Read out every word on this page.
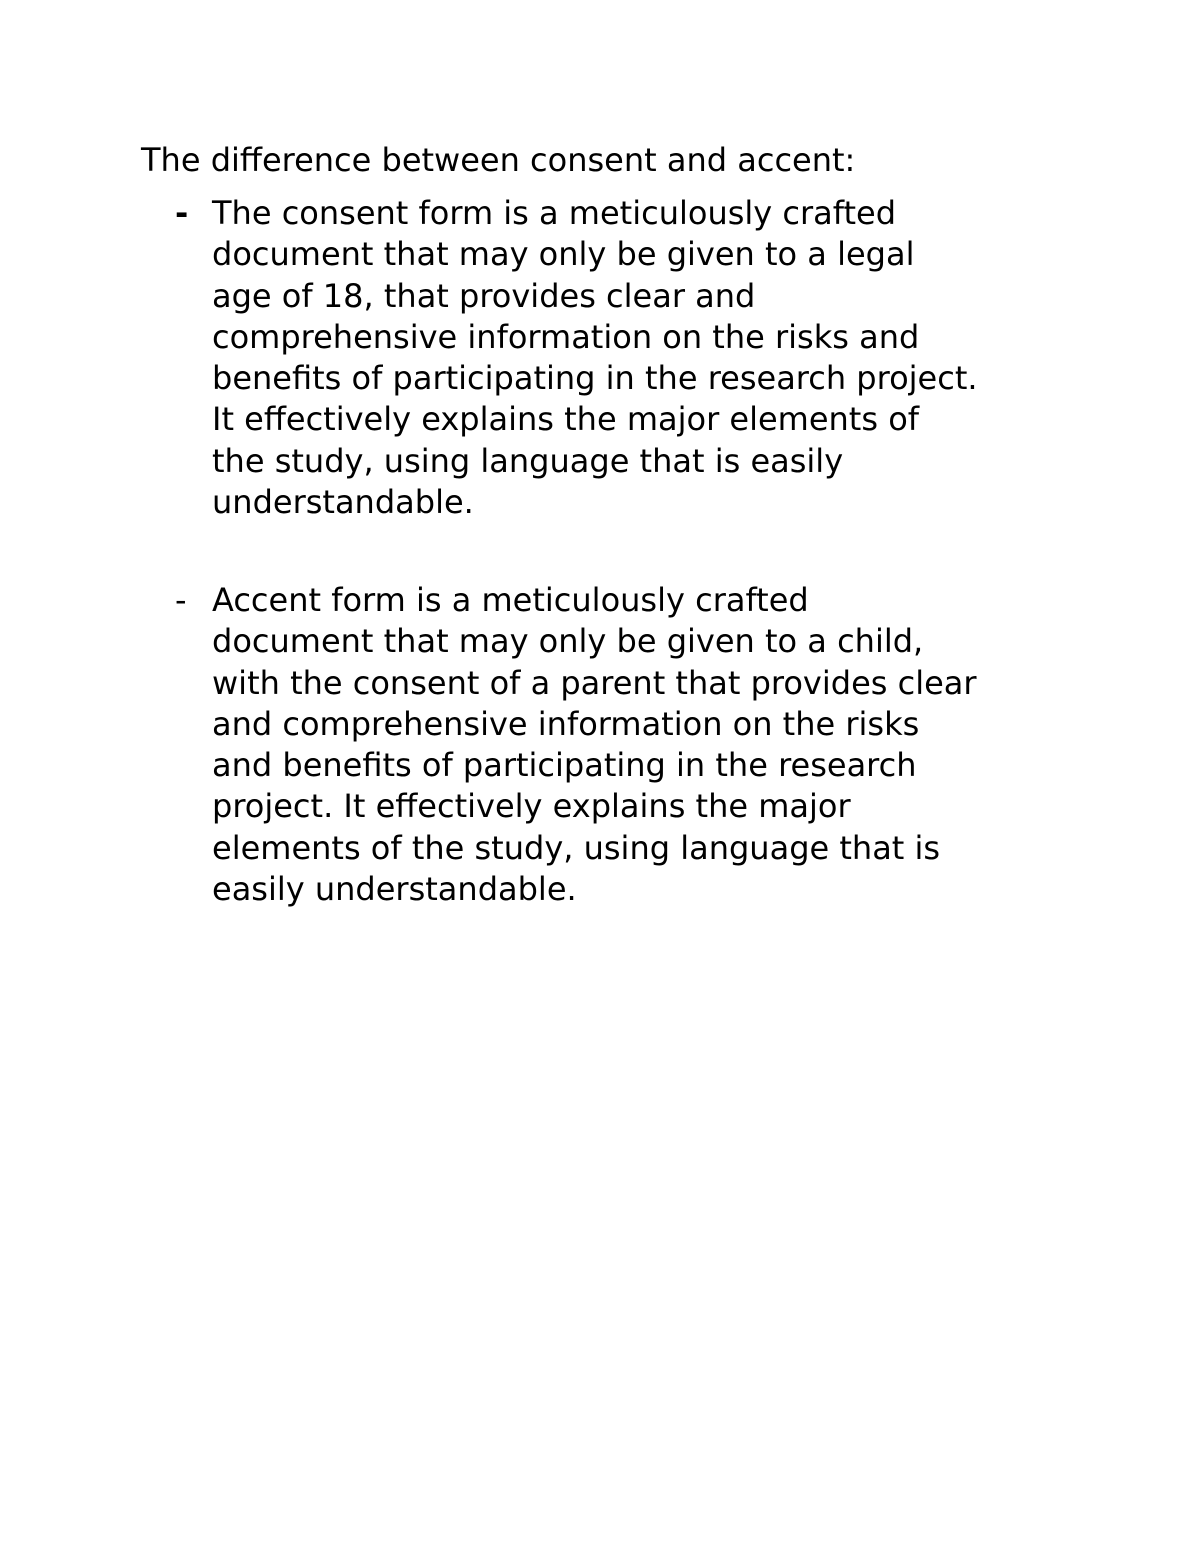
The difference between consent and accent:
- The consent form is a meticulously crafted
document that may only be given to a legal
age of 18, that provides clear and
comprehensive information on the risks and
benefits of participating in the research project.
It effectively explains the major elements of
the study, using language that is easily
understandable.
- Accent form is a meticulously crafted
document that may only be given to a child,
with the consent of a parent that provides clear
and comprehensive information on the risks
and benefits of participating in the research
project. It effectively explains the major
elements of the study, using language that is
easily understandable.
